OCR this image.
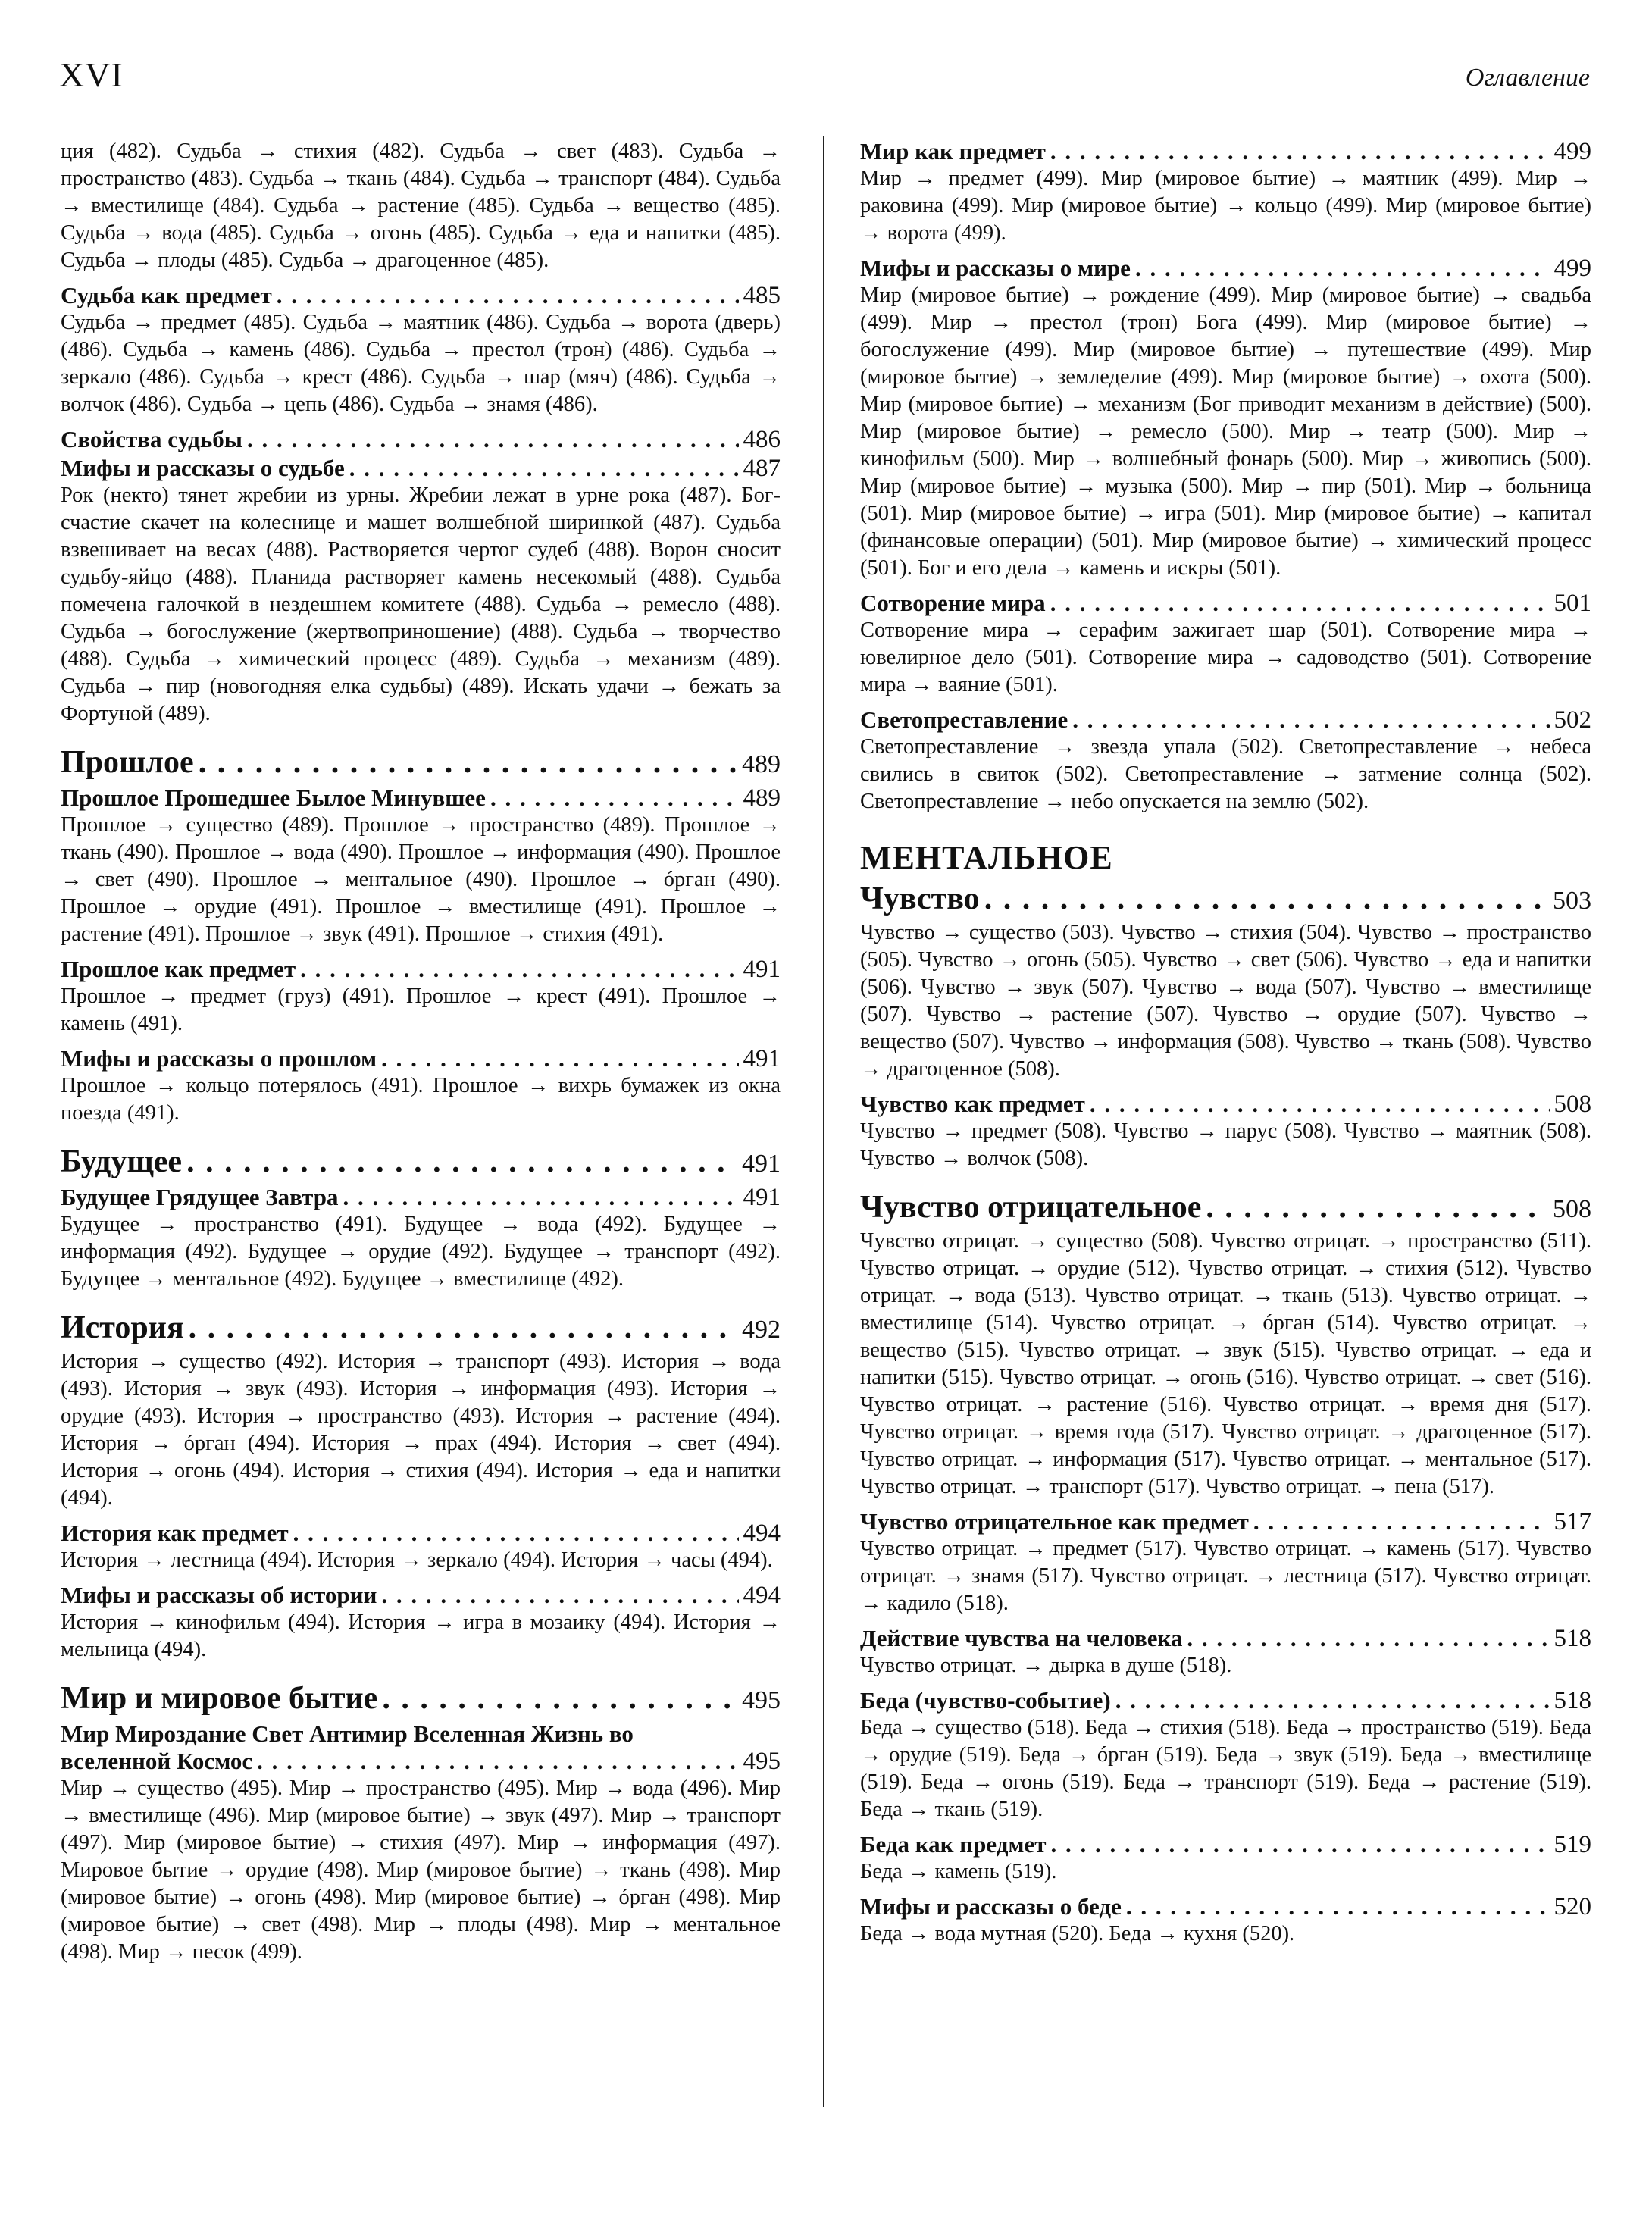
XVI	Оглавление
ция (482). Судьба → стихия (482). Судьба → свет (483). Судьба → пространство (483). Судьба → ткань (484). Судьба → транспорт (484). Судьба → вместилище (484). Судьба → растение (485). Судьба → вещество (485). Судьба → вода (485). Судьба → огонь (485). Судьба → еда и напитки (485). Судьба → плоды (485). Судьба → драгоценное (485).
Судьба как предмет . . .	485
Судьба → предмет (485). Судьба → маятник (486). Судьба → ворота (дверь) (486). Судьба → камень (486). Судьба → престол (трон) (486). Судьба → зеркало (486). Судьба → крест (486). Судьба → шар (мяч) (486). Судьба → волчок (486). Судьба → цепь (486). Судьба → знамя (486).
Свойства судьбы . . .	486
Мифы и рассказы о судьбе . . .	487
Рок (некто) тянет жребии из урны. Жребии лежат в урне рока (487). Бог-счастие скачет на колеснице и машет волшебной ширинкой (487). Судьба взвешивает на весах (488). Растворяется чертог судеб (488). Ворон сносит судьбу-яйцо (488). Планида растворяет камень несекомый (488). Судьба помечена галочкой в нездешнем комитете (488). Судьба → ремесло (488). Судьба → богослужение (жертвоприношение) (488). Судьба → творчество (488). Судьба → химический процесс (489). Судьба → механизм (489). Судьба → пир (новогодняя елка судьбы) (489). Искать удачи → бежать за Фортуной (489).
Прошлое . . .	489
Прошлое Прошедшее Былое Минувшее . . .	489
Прошлое → существо (489). Прошлое → пространство (489). Прошлое → ткань (490). Прошлое → вода (490). Прошлое → информация (490). Прошлое → свет (490). Прошлое → ментальное (490). Прошлое → óрган (490). Прошлое → орудие (491). Прошлое → вместилище (491). Прошлое → растение (491). Прошлое → звук (491). Прошлое → стихия (491).
Прошлое как предмет . . .	491
Прошлое → предмет (груз) (491). Прошлое → крест (491). Прошлое → камень (491).
Мифы и рассказы о прошлом . . .	491
Прошлое → кольцо потерялось (491). Прошлое → вихрь бумажек из окна поезда (491).
Будущее . . .	491
Будущее Грядущее Завтра . . .	491
Будущее → пространство (491). Будущее → вода (492). Будущее → информация (492). Будущее → орудие (492). Будущее → транспорт (492). Будущее → ментальное (492). Будущее → вместилище (492).
История . . .	492
История → существо (492). История → транспорт (493). История → вода (493). История → звук (493). История → информация (493). История → орудие (493). История → пространство (493). История → растение (494). История → óрган (494). История → прах (494). История → свет (494). История → огонь (494). История → стихия (494). История → еда и напитки (494).
История как предмет . . .	494
История → лестница (494). История → зеркало (494). История → часы (494).
Мифы и рассказы об истории . . .	494
История → кинофильм (494). История → игра в мозаику (494). История → мельница (494).
Мир и мировое бытие . . .	495
Мир Мироздание Свет Антимир Вселенная Жизнь во
вселенной Космос . . .	495
Мир → существо (495). Мир → пространство (495). Мир → вода (496). Мир → вместилище (496). Мир (мировое бытие) → звук (497). Мир → транспорт (497). Мир (мировое бытие) → стихия (497). Мир → информация (497). Мировое бытие → орудие (498). Мир (мировое бытие) → ткань (498). Мир (мировое бытие) → огонь (498). Мир (мировое бытие) → óрган (498). Мир (мировое бытие) → свет (498). Мир → плоды (498). Мир → ментальное (498). Мир → песок (499).
Мир как предмет . . .	499
Мир → предмет (499). Мир (мировое бытие) → маятник (499). Мир → раковина (499). Мир (мировое бытие) → кольцо (499). Мир (мировое бытие) → ворота (499).
Мифы и рассказы о мире . . .	499
Мир (мировое бытие) → рождение (499). Мир (мировое бытие) → свадьба (499). Мир → престол (трон) Бога (499). Мир (мировое бытие) → богослужение (499). Мир (мировое бытие) → путешествие (499). Мир (мировое бытие) → земледелие (499). Мир (мировое бытие) → охота (500). Мир (мировое бытие) → механизм (Бог приводит механизм в действие) (500). Мир (мировое бытие) → ремесло (500). Мир → театр (500). Мир → кинофильм (500). Мир → волшебный фонарь (500). Мир → живопись (500). Мир (мировое бытие) → музыка (500). Мир → пир (501). Мир → больница (501). Мир (мировое бытие) → игра (501). Мир (мировое бытие) → капитал (финансовые операции) (501). Мир (мировое бытие) → химический процесс (501). Бог и его дела → камень и искры (501).
Сотворение мира . . .	501
Сотворение мира → серафим зажигает шар (501). Сотворение мира → ювелирное дело (501). Сотворение мира → садоводство (501). Сотворение мира → ваяние (501).
Светопреставление . . .	502
Светопреставление → звезда упала (502). Светопреставление → небеса свились в свиток (502). Светопреставление → затмение солнца (502). Светопреставление → небо опускается на землю (502).
МЕНТАЛЬНОЕ
Чувство . . .	503
Чувство → существо (503). Чувство → стихия (504). Чувство → пространство (505). Чувство → огонь (505). Чувство → свет (506). Чувство → еда и напитки (506). Чувство → звук (507). Чувство → вода (507). Чувство → вместилище (507). Чувство → растение (507). Чувство → орудие (507). Чувство → вещество (507). Чувство → информация (508). Чувство → ткань (508). Чувство → драгоценное (508).
Чувство как предмет . . .	508
Чувство → предмет (508). Чувство → парус (508). Чувство → маятник (508). Чувство → волчок (508).
Чувство отрицательное . . .	508
Чувство отрицат. → существо (508). Чувство отрицат. → пространство (511). Чувство отрицат. → орудие (512). Чувство отрицат. → стихия (512). Чувство отрицат. → вода (513). Чувство отрицат. → ткань (513). Чувство отрицат. → вместилище (514). Чувство отрицат. → óрган (514). Чувство отрицат. → вещество (515). Чувство отрицат. → звук (515). Чувство отрицат. → еда и напитки (515). Чувство отрицат. → огонь (516). Чувство отрицат. → свет (516). Чувство отрицат. → растение (516). Чувство отрицат. → время дня (517). Чувство отрицат. → время года (517). Чувство отрицат. → драгоценное (517). Чувство отрицат. → информация (517). Чувство отрицат. → ментальное (517). Чувство отрицат. → транспорт (517). Чувство отрицат. → пена (517).
Чувство отрицательное как предмет . . .	517
Чувство отрицат. → предмет (517). Чувство отрицат. → камень (517). Чувство отрицат. → знамя (517). Чувство отрицат. → лестница (517). Чувство отрицат. → кадило (518).
Действие чувства на человека . . .	518
Чувство отрицат. → дырка в душе (518).
Беда (чувство-событие) . . .	518
Беда → существо (518). Беда → стихия (518). Беда → пространство (519). Беда → орудие (519). Беда → óрган (519). Беда → звук (519). Беда → вместилище (519). Беда → огонь (519). Беда → транспорт (519). Беда → растение (519). Беда → ткань (519).
Беда как предмет . . .	519
Беда → камень (519).
Мифы и рассказы о беде . . .	520
Беда → вода мутная (520). Беда → кухня (520).
